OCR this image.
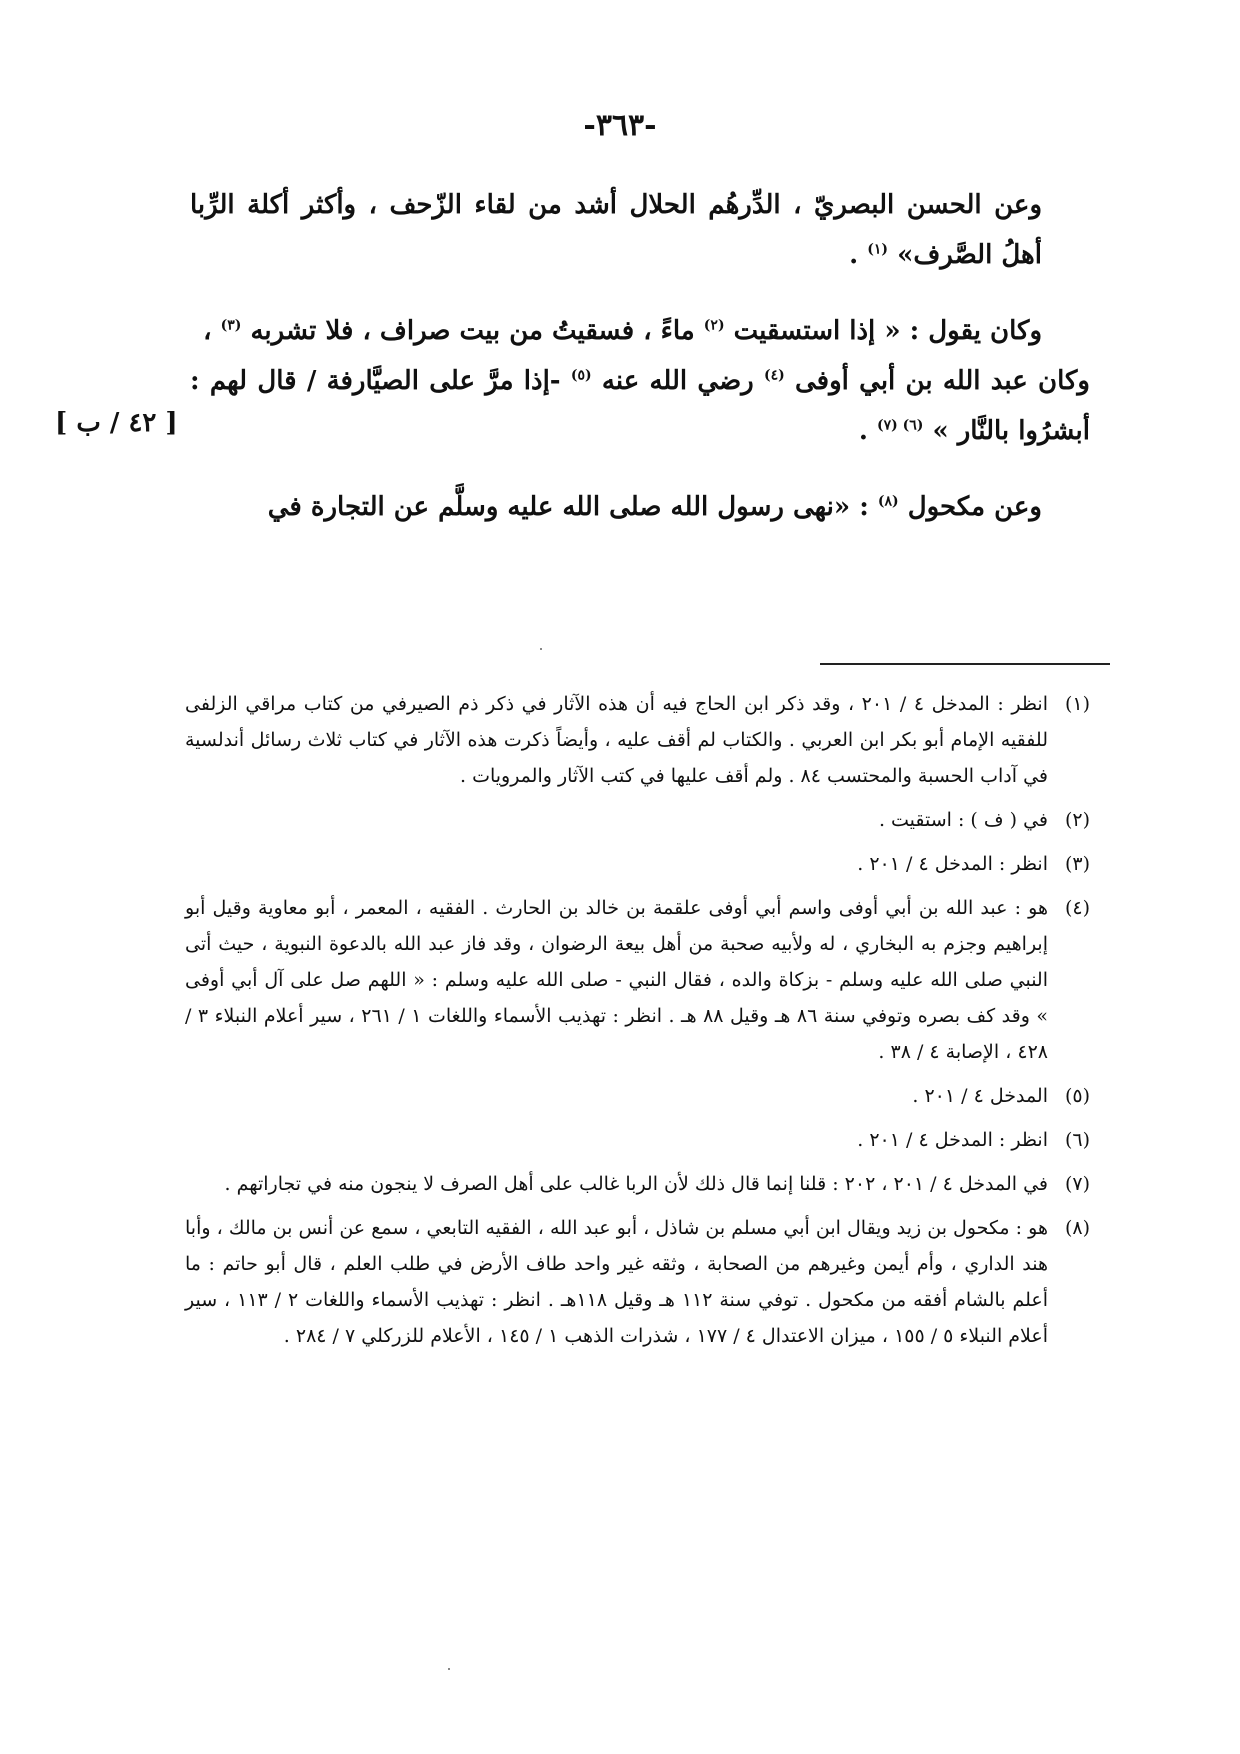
-٣٦٣-
[ ٤٢ / ب ]

وعن الحسن البصريّ ، الدِّرهُم الحلال أشد من لقاء الزّحف ، وأكثر أكلة الرِّبا أهلُ الصَّرف» $^{(١)}$ .

وكان يقول : « إذا استسقيت $^{(٢)}$ ماءً ، فسقيتُ من بيت صراف ، فلا تشربه $^{(٣)}$ ،

وكان عبد الله بن أبي أوفى $^{(٤)}$ رضي الله عنه $^{(٥)}$ -إذا مرَّ على الصيَّارفة / قال لهم : أبشرُوا بالنَّار » $^{(٦) (٧)}$ .

وعن مكحول $^{(٨)}$ : «نهى رسول الله صلى الله عليه وسلَّم عن التجارة في

(١)
انظر : المدخل ٤ / ٢٠١ ، وقد ذكر ابن الحاج فيه أن هذه الآثار في ذكر ذم الصيرفي من كتاب مراقي الزلفى للفقيه الإمام أبو بكر ابن العربي . والكتاب لم أقف عليه ، وأيضاً ذكرت هذه الآثار في كتاب ثلاث رسائل أندلسية في آداب الحسبة والمحتسب ٨٤ . ولم أقف عليها في كتب الآثار والمرويات .
(٢)
في ( ف ) : استقيت .
(٣)
انظر : المدخل ٤ / ٢٠١ .
(٤)
هو : عبد الله بن أبي أوفى واسم أبي أوفى علقمة بن خالد بن الحارث . الفقيه ، المعمر ، أبو معاوية وقيل أبو إبراهيم وجزم به البخاري ، له ولأبيه صحبة من أهل بيعة الرضوان ، وقد فاز عبد الله بالدعوة النبوية ، حيث أتى النبي صلى الله عليه وسلم - بزكاة والده ، فقال النبي - صلى الله عليه وسلم : « اللهم صل على آل أبي أوفى » وقد كف بصره وتوفي سنة ٨٦ هـ وقيل ٨٨ هـ . انظر : تهذيب الأسماء واللغات ١ / ٢٦١ ، سير أعلام النبلاء ٣ / ٤٢٨ ، الإصابة ٤ / ٣٨ .
(٥)
المدخل ٤ / ٢٠١ .
(٦)
انظر : المدخل ٤ / ٢٠١ .
(٧)
في المدخل ٤ / ٢٠١ ، ٢٠٢ : قلنا إنما قال ذلك لأن الربا غالب على أهل الصرف لا ينجون منه في تجاراتهم .
(٨)
هو : مكحول بن زيد ويقال ابن أبي مسلم بن شاذل ، أبو عبد الله ، الفقيه التابعي ، سمع عن أنس بن مالك ، وأبا هند الداري ، وأم أيمن وغيرهم من الصحابة ، وثقه غير واحد طاف الأرض في طلب العلم ، قال أبو حاتم : ما أعلم بالشام أفقه من مكحول . توفي سنة ١١٢ هـ وقيل ١١٨هـ . انظر : تهذيب الأسماء واللغات ٢ / ١١٣ ، سير أعلام النبلاء ٥ / ١٥٥ ، ميزان الاعتدال ٤ / ١٧٧ ، شذرات الذهب ١ / ١٤٥ ، الأعلام للزركلي ٧ / ٢٨٤ .
